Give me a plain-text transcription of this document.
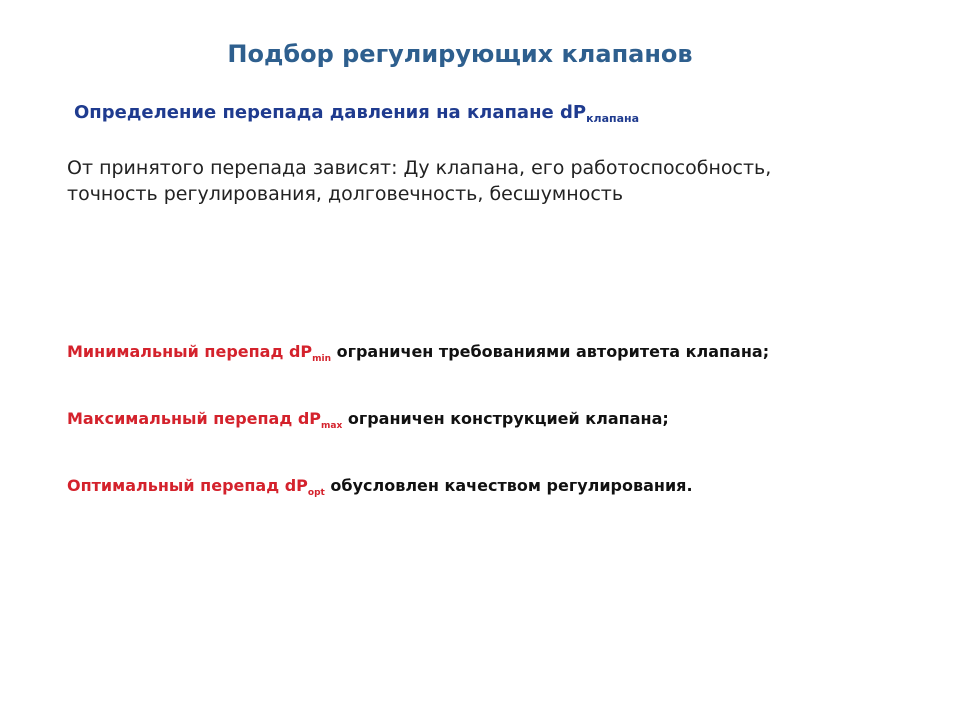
Подбор регулирующих клапанов
Определение перепада давления на клапане $dP_{клапана}$
От принятого перепада зависят: Ду клапана, его работоспособность,
точность регулирования, долговечность, бесшумность
Минимальный перепад $dP_{min}$ ограничен требованиями авторитета клапана;
Максимальный перепад $dP_{max}$ ограничен конструкцией клапана;
Оптимальный перепад $dP_{opt}$ обусловлен качеством регулирования.
